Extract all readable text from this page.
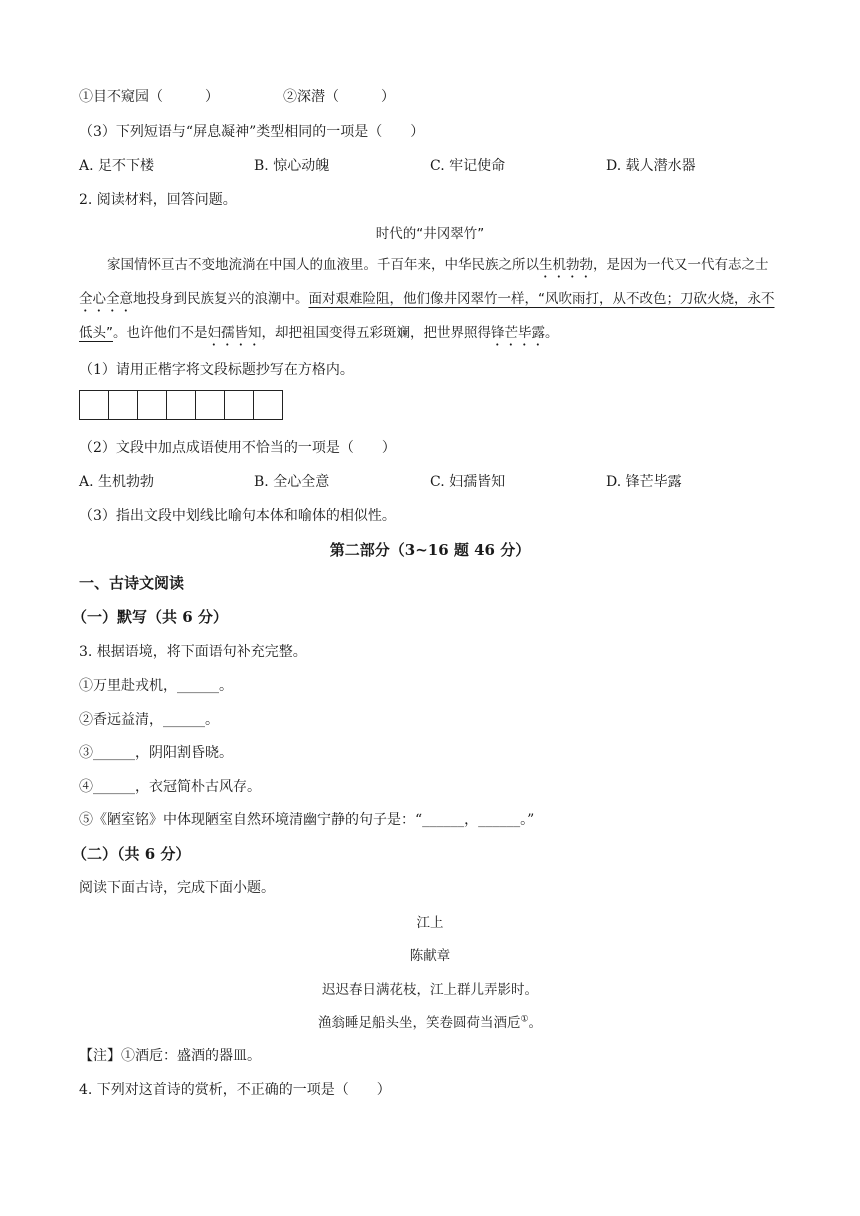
①目不窥园（　　　）	②深潜（　　　）
（3）下列短语与“屏息凝神”类型相同的一项是（　　）
A. 足不下楼	B. 惊心动魄	C. 牢记使命	D. 载人潜水器
2. 阅读材料，回答问题。
时代的“井冈翠竹”
家国情怀亘古不变地流淌在中国人的血液里。千百年来，中华民族之所以生机勃勃，是因为一代又一代有志之士全心全意地投身到民族复兴的浪潮中。面对艰难险阻，他们像井冈翠竹一样，“风吹雨打，从不改色；刀砍火烧，永不低头”。也许他们不是妇孺皆知，却把祖国变得五彩斑斓，把世界照得锋芒毕露。
（1）请用正楷字将文段标题抄写在方格内。
（2）文段中加点成语使用不恰当的一项是（　　）
A. 生机勃勃	B. 全心全意	C. 妇孺皆知	D. 锋芒毕露
（3）指出文段中划线比喻句本体和喻体的相似性。
第二部分（3~16 题 46 分）
一、古诗文阅读
（一）默写（共 6 分）
3. 根据语境，将下面语句补充完整。
①万里赴戎机，______。
②香远益清，______。
③______，阴阳割昏晓。
④______，衣冠简朴古风存。
⑤《陋室铭》中体现陋室自然环境清幽宁静的句子是：“______，______。”
（二）（共 6 分）
阅读下面古诗，完成下面小题。
江上
陈献章
迟迟春日满花枝，江上群儿弄影时。
渔翁睡足船头坐，笑卷圆荷当酒卮①。
【注】①酒卮：盛酒的器皿。
4. 下列对这首诗的赏析，不正确的一项是（　　）
